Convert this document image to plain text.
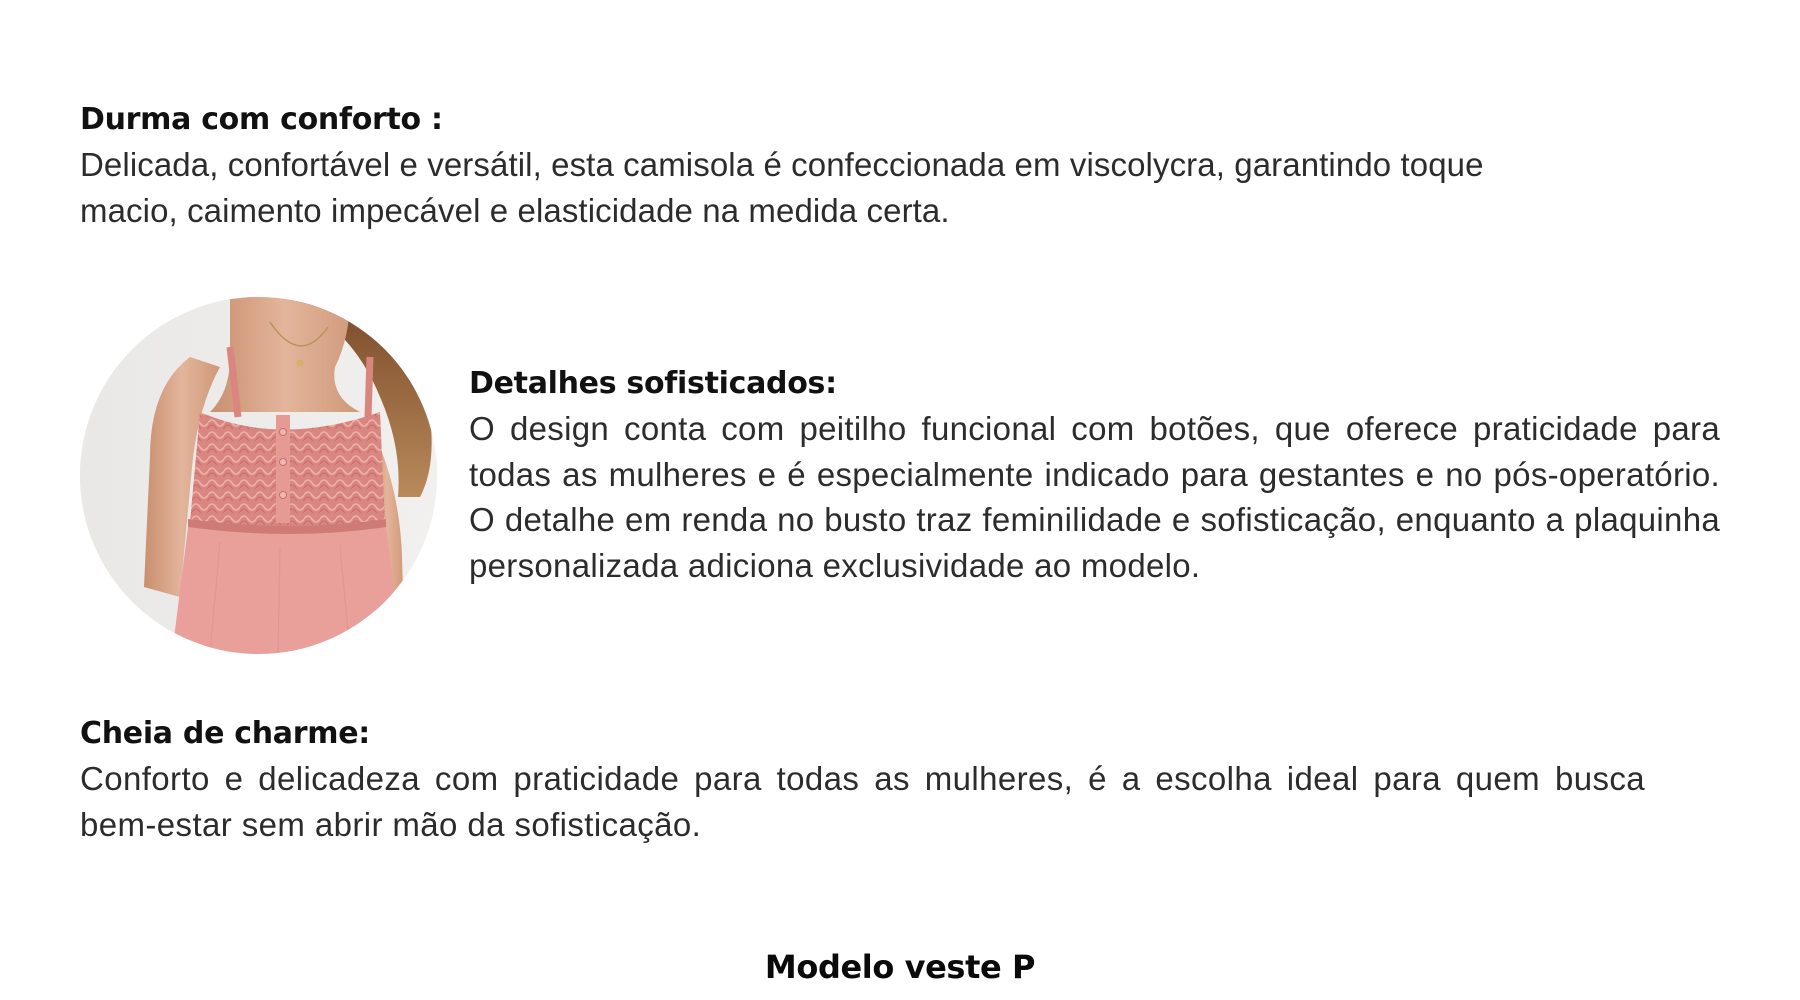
Durma com conforto :

Delicada, confortável e versátil, esta camisola é confeccionada em viscolycra, garantindo toque macio, caimento impecável e elasticidade na medida certa.

Detalhes sofisticados:

O design conta com peitilho funcional com botões, que oferece praticidade para todas as mulheres e é especialmente indicado para gestantes e no pós-operatório. O detalhe em renda no busto traz feminilidade e sofisticação, enquanto a plaquinha personalizada adiciona exclusividade ao modelo.

Cheia de charme:

Conforto e delicadeza com praticidade para todas as mulheres, é a escolha ideal para quem busca bem-estar sem abrir mão da sofisticação.

Modelo veste P
